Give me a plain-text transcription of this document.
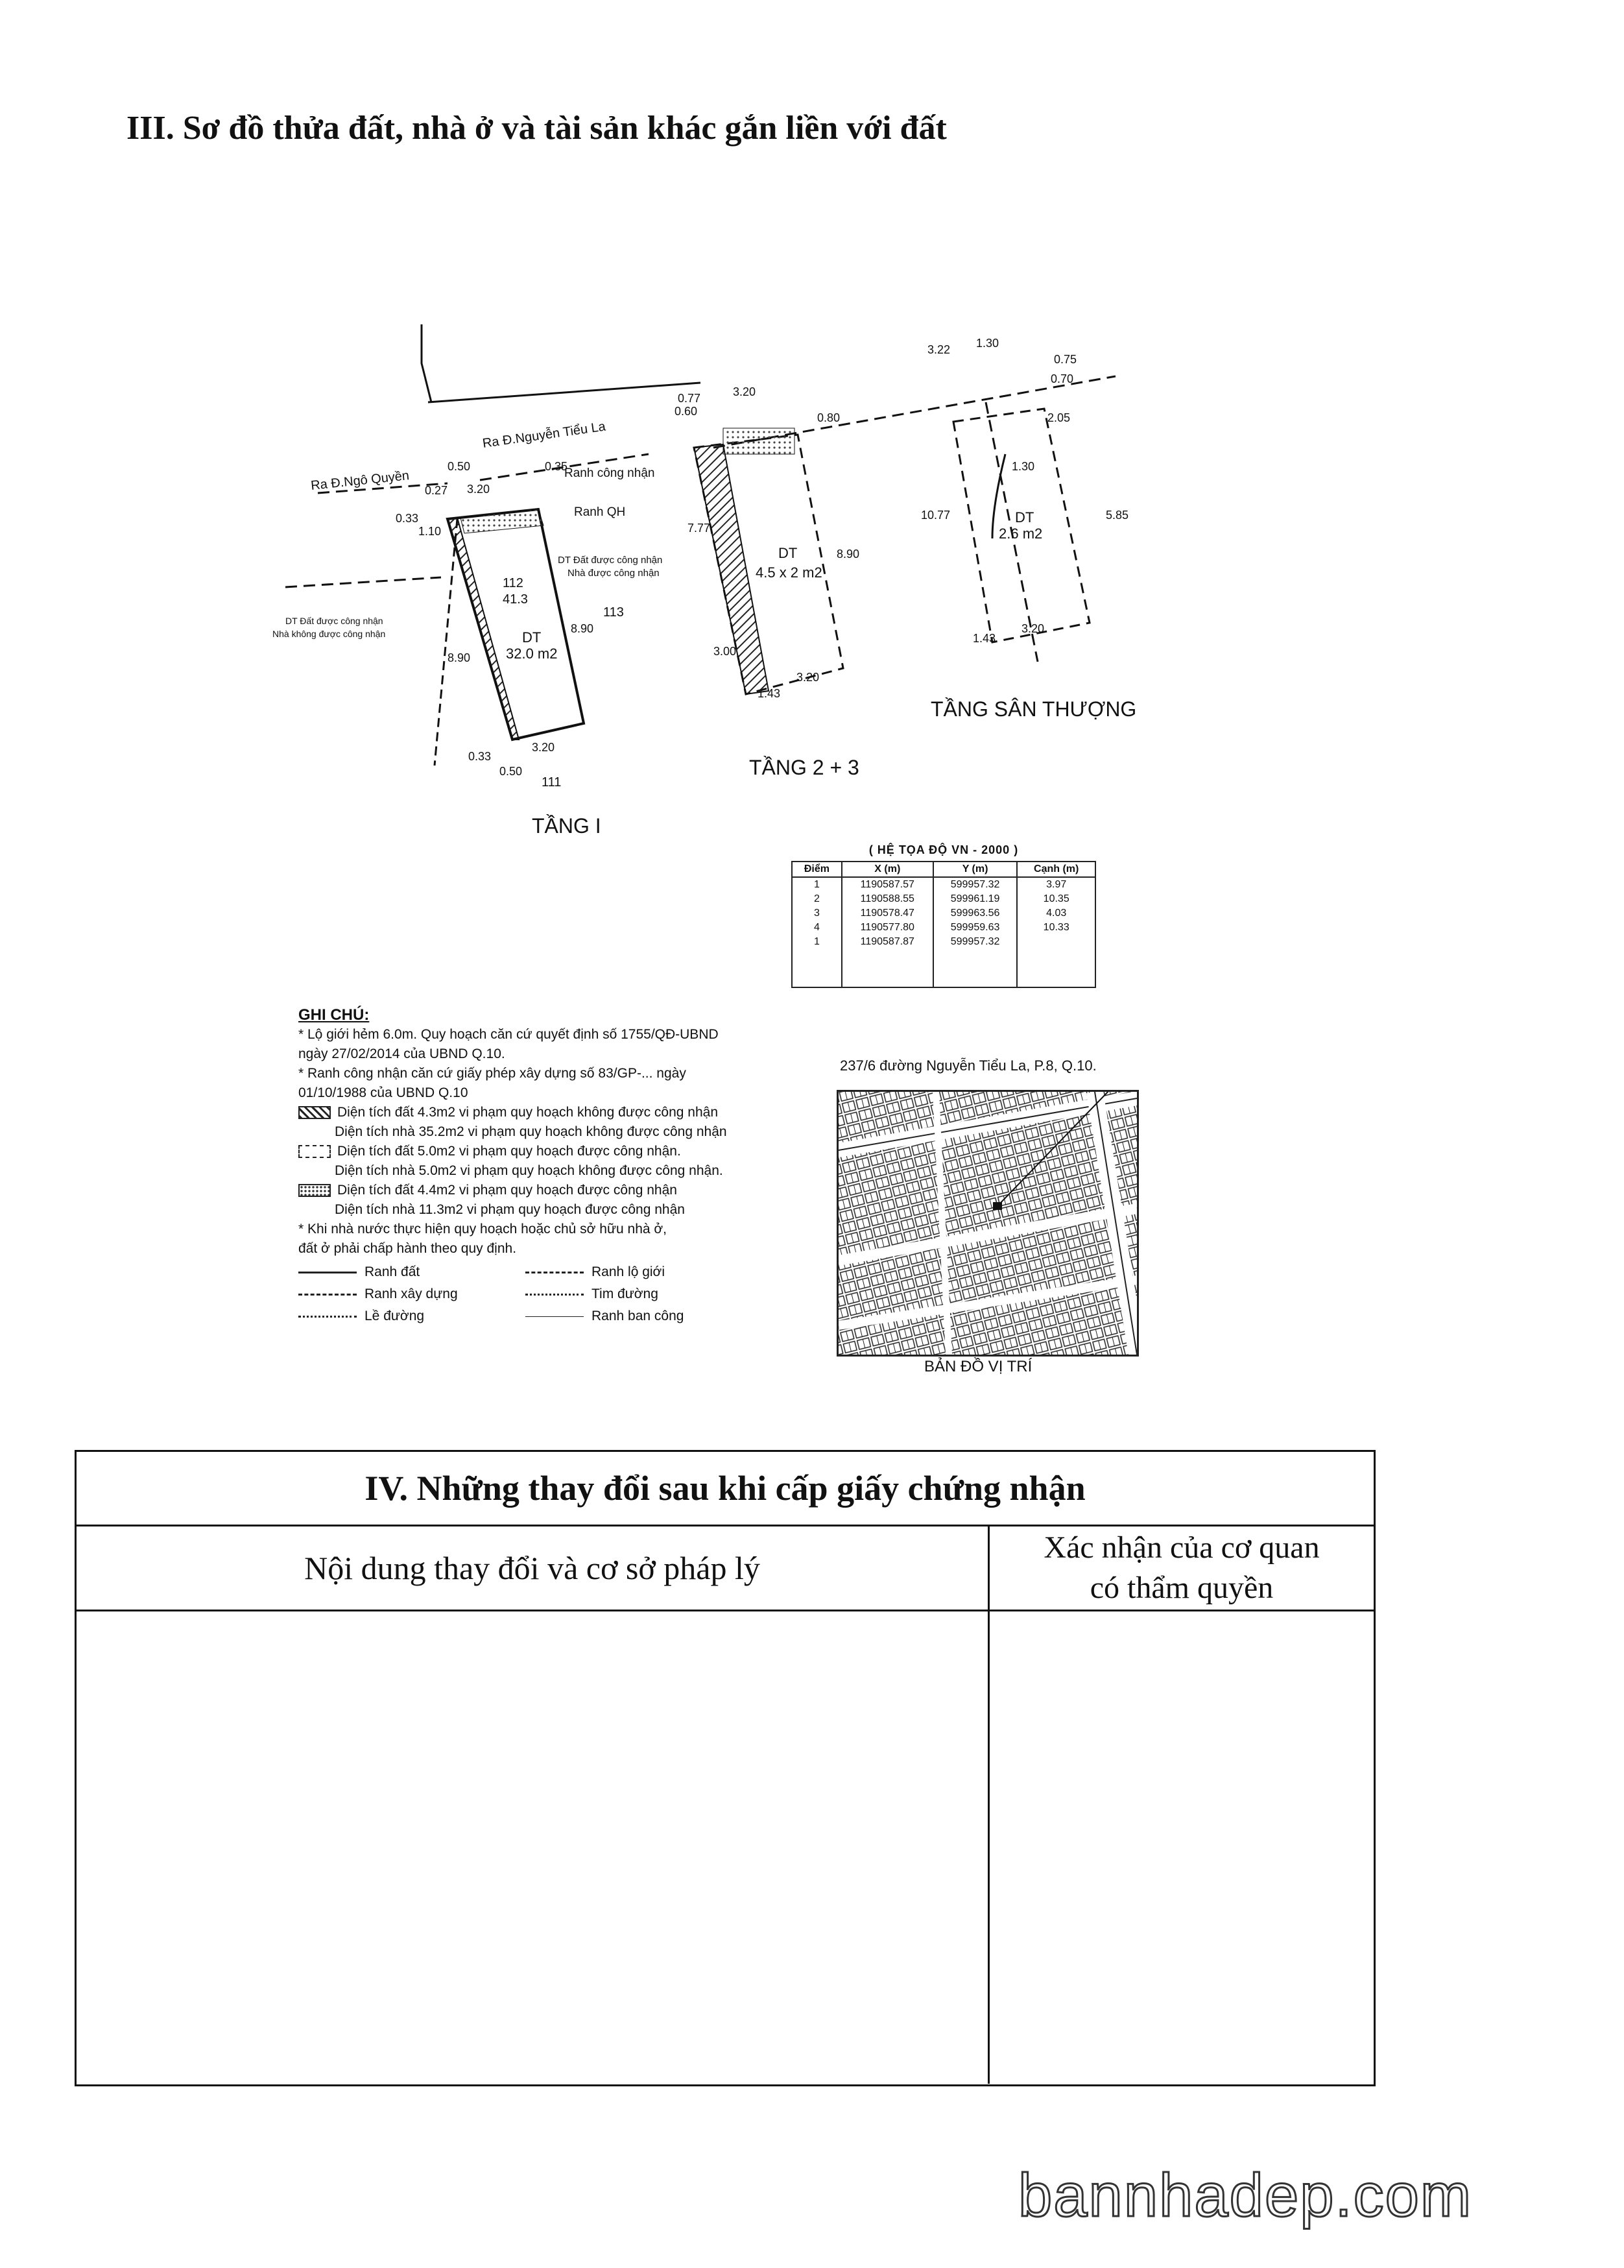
III. Sơ đồ thửa đất, nhà ở và tài sản khác gắn liền với đất
Ra Đ.Ngô Quyền
Ra Đ.Nguyễn Tiểu La
Ranh công nhận
Ranh QH
DT Đất được công nhận
Nhà được công nhận
DT Đất được công nhận
Nhà không được công nhận
112
41.3
113
111
DT
32.0 m2
DT
4.5 x 2 m2
DT
2.6 m2
0.50
0.27 3.20
0.35
0.33
1.10
8.90
8.90
0.33
3.20
0.50
0.77
0.60
3.20
0.80
7.77
8.90
3.00
1.43
3.20
3.22 1.30
0.75
0.70
2.05
10.77
1.30
5.85
1.43
3.20
TẦNG I
TẦNG 2 + 3
TẦNG SÂN THƯỢNG
( HỆ TỌA ĐỘ VN - 2000 )
Điểm	X (m)	Y (m)	Cạnh (m)
1	1190587.57	599957.32	3.97
2	1190588.55	599961.19	10.35
3	1190578.47	599963.56	4.03
4	1190577.80	599959.63	10.33
1	1190587.87	599957.32	
GHI CHÚ:
* Lộ giới hẻm 6.0m. Quy hoạch căn cứ quyết định số 1755/QĐ-UBND
ngày 27/02/2014 của UBND Q.10.
* Ranh công nhận căn cứ giấy phép xây dựng số 83/GP-... ngày
01/10/1988 của UBND Q.10
Diện tích đất 4.3m2 vi phạm quy hoạch không được công nhận
Diện tích nhà 35.2m2 vi phạm quy hoạch không được công nhận
Diện tích đất 5.0m2 vi phạm quy hoạch được công nhận.
Diện tích nhà 5.0m2 vi phạm quy hoạch không được công nhận.
Diện tích đất 4.4m2 vi phạm quy hoạch được công nhận
Diện tích nhà 11.3m2 vi phạm quy hoạch được công nhận
* Khi nhà nước thực hiện quy hoạch hoặc chủ sở hữu nhà ở,
đất ở phải chấp hành theo quy định.
Ranh đất	Ranh lộ giới
Ranh xây dựng	Tim đường
Lề đường	Ranh ban công
237/6 đường Nguyễn Tiểu La, P.8, Q.10.
BẢN ĐỒ VỊ TRÍ
IV. Những thay đổi sau khi cấp giấy chứng nhận
Nội dung thay đổi và cơ sở pháp lý
Xác nhận của cơ quan
có thẩm quyền
bannhadep.com
